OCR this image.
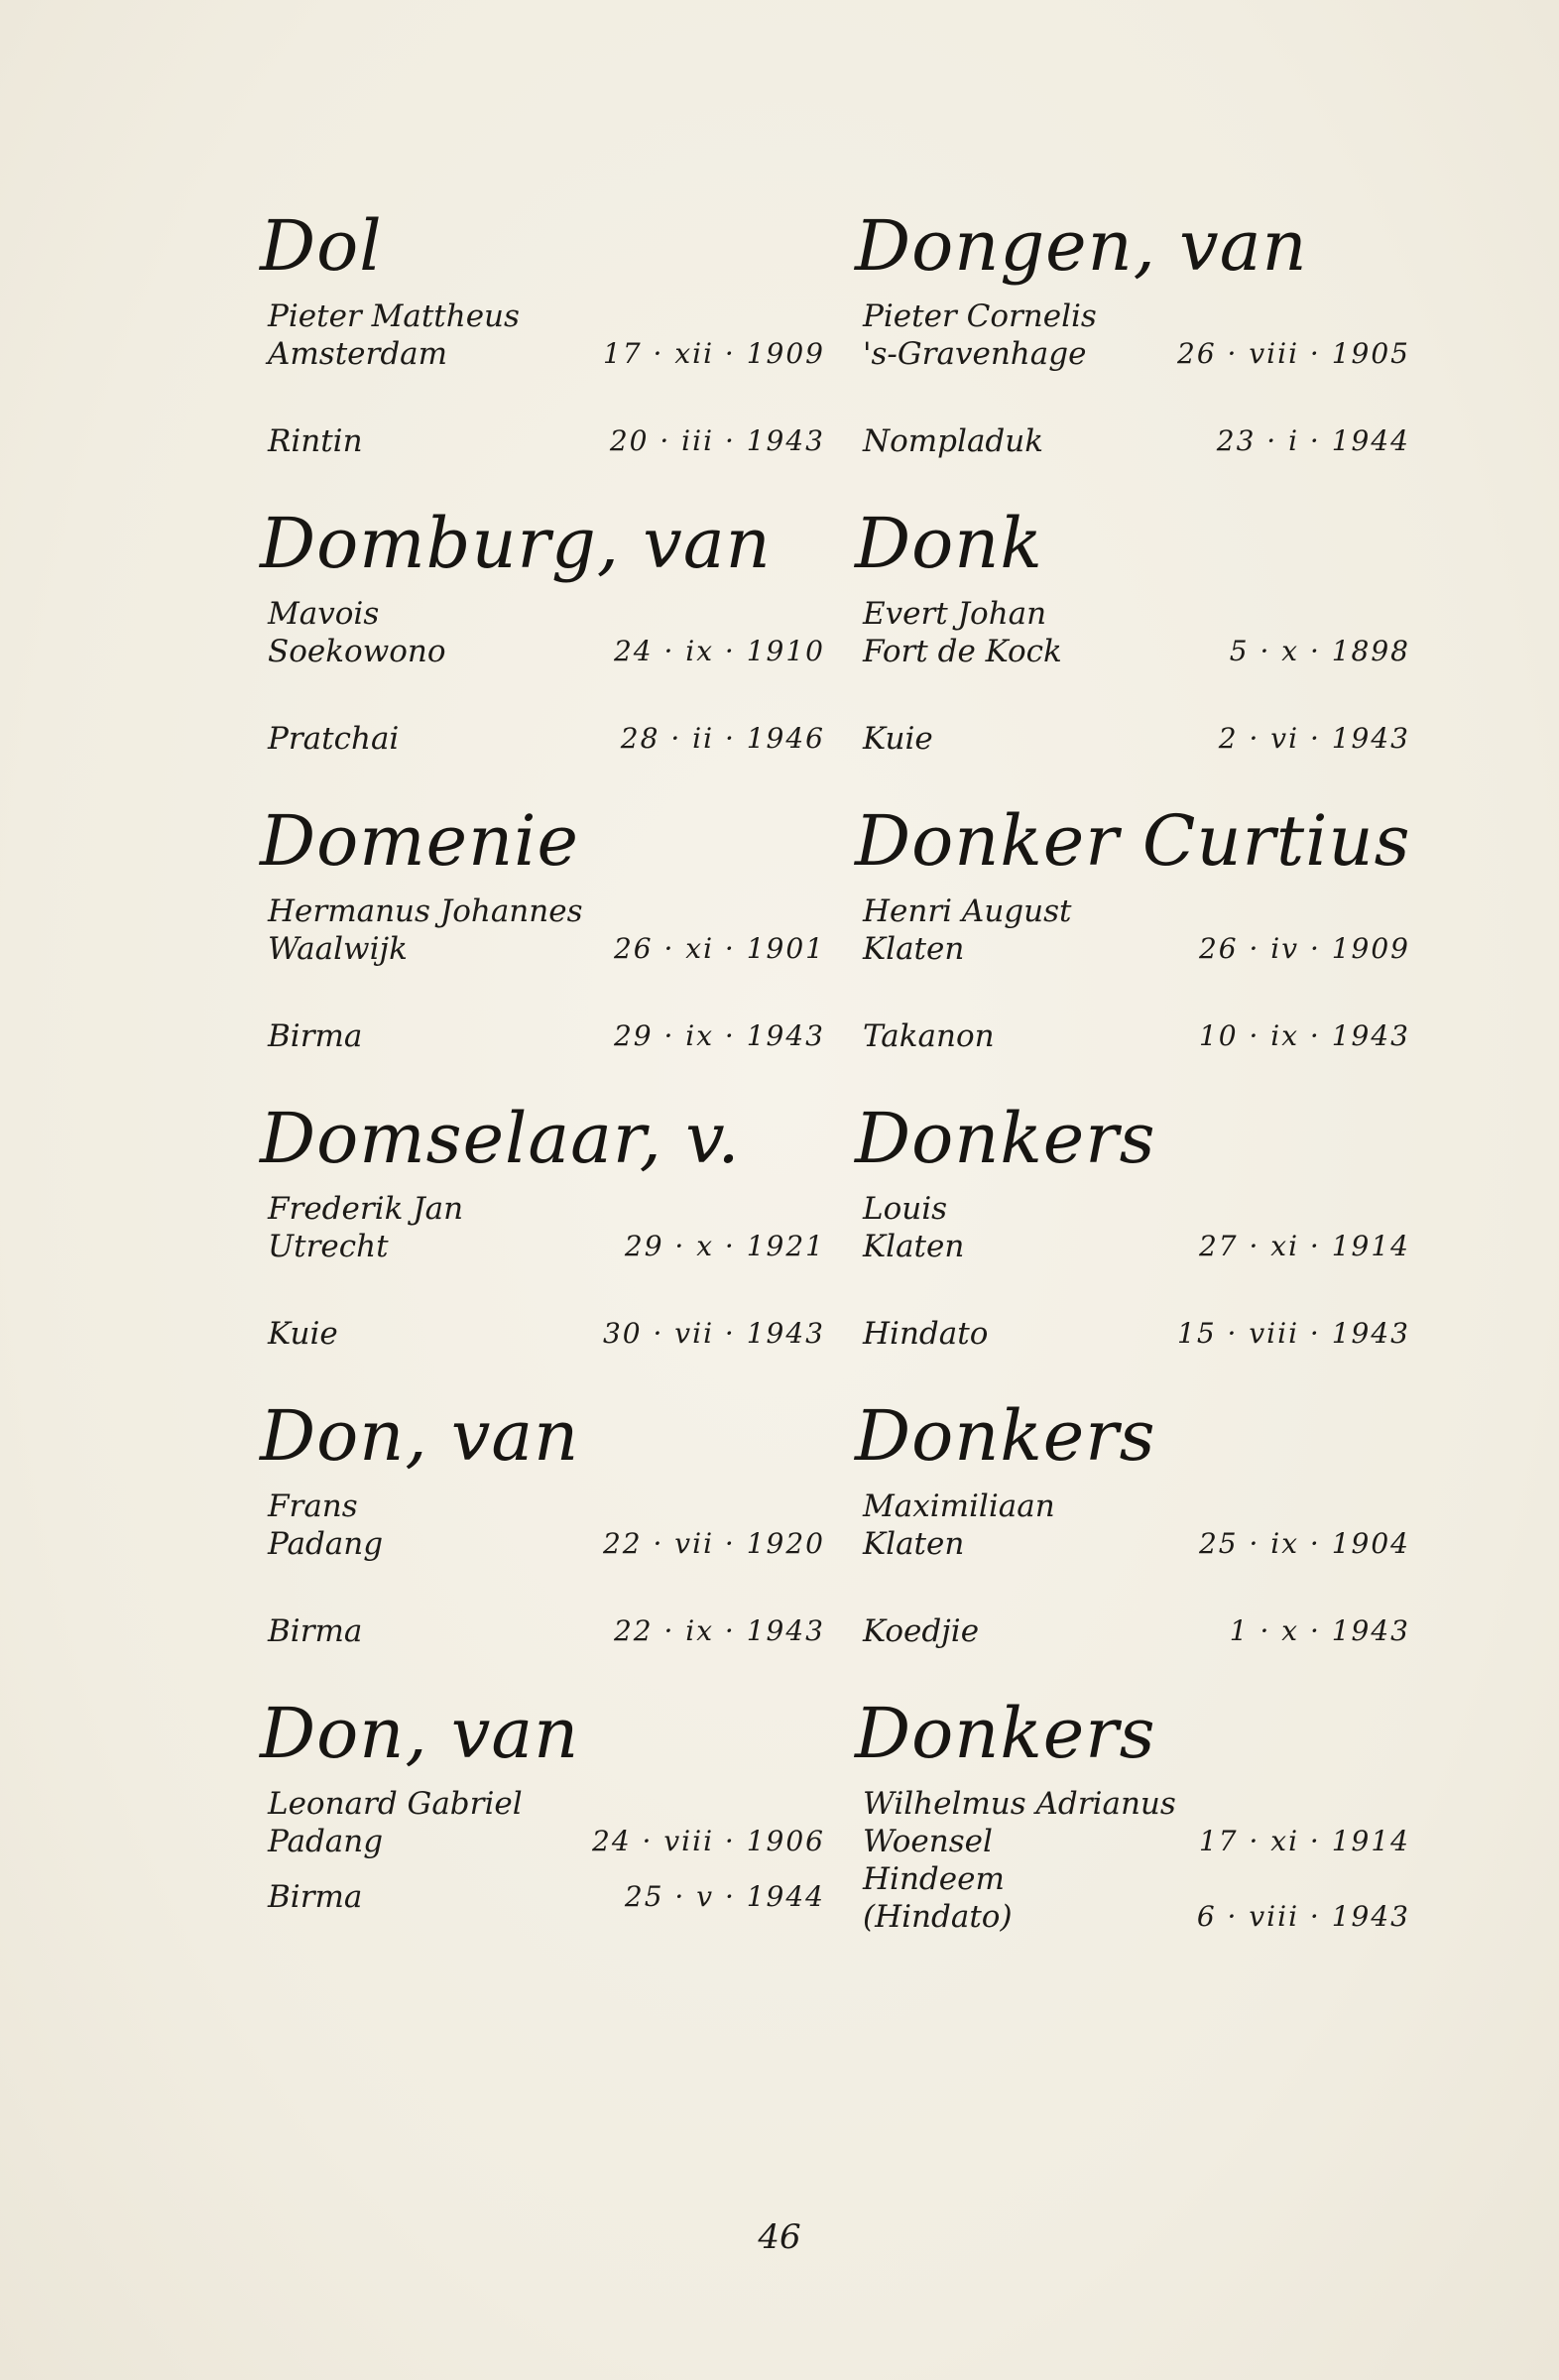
Dol
Pieter Mattheus
Amsterdam	17 · xii · 1909
Rintin	20 · iii · 1943
Domburg, van
Mavois
Soekowono	24 · ix · 1910
Pratchai	28 · ii · 1946
Domenie
Hermanus Johannes
Waalwijk	26 · xi · 1901
Birma	29 · ix · 1943
Domselaar, v.
Frederik Jan
Utrecht	29 · x · 1921
Kuie	30 · vii · 1943
Don, van
Frans
Padang	22 · vii · 1920
Birma	22 · ix · 1943
Don, van
Leonard Gabriel
Padang	24 · viii · 1906
Birma	25 · v · 1944
Dongen, van
Pieter Cornelis
's-Gravenhage	26 · viii · 1905
Nompladuk	23 · i · 1944
Donk
Evert Johan
Fort de Kock	5 · x · 1898
Kuie	2 · vi · 1943
Donker Curtius
Henri August
Klaten	26 · iv · 1909
Takanon	10 · ix · 1943
Donkers
Louis
Klaten	27 · xi · 1914
Hindato	15 · viii · 1943
Donkers
Maximiliaan
Klaten	25 · ix · 1904
Koedjie	1 · x · 1943
Donkers
Wilhelmus Adrianus
Woensel	17 · xi · 1914
Hindeem
(Hindato)	6 · viii · 1943
46
